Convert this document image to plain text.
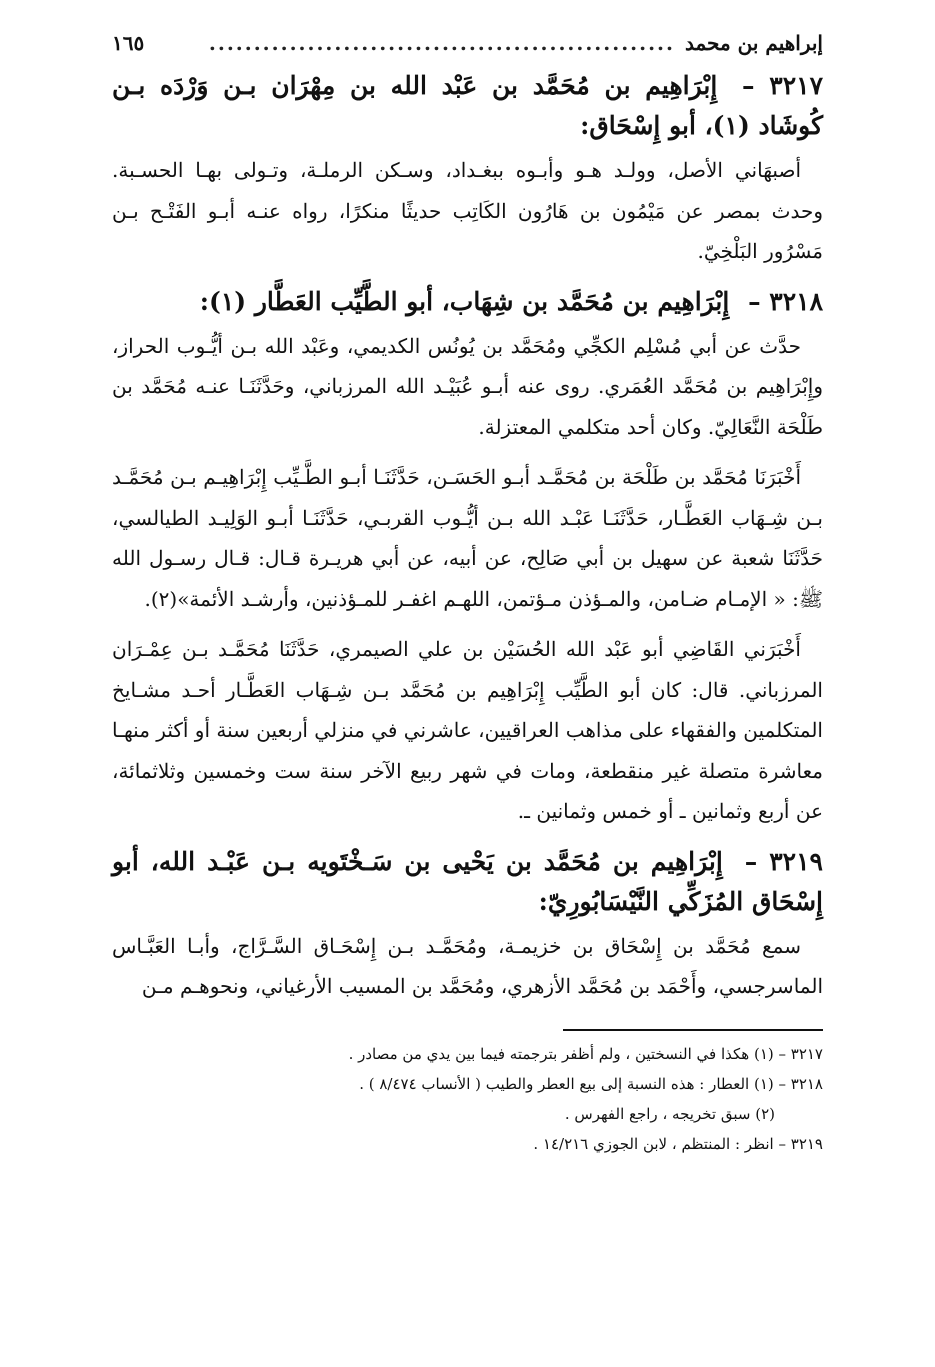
إبراهيم بن محمد
....................................................
١٦٥
٣٢١٧ – إِبْرَاهِيم بن مُحَمَّد بن عَبْد الله بن مِهْرَان بـن وَرْدَه بـن كُوشَاد (١)، أبو إِسْحَاق:

أصبهَاني الأصل، وولـد هـو وأبـوه ببغـداد، وسـكن الرملـة، وتـولى بهـا الحسـبة. وحدث بمصر عن مَيْمُون بن هَارُون الكَاتِب حديثًا منكرًا، رواه عنـه أبـو الفَتْـح بـن مَسْرُور البَلْخِيّ.

٣٢١٨ – إِبْرَاهِيم بن مُحَمَّد بن شِهَاب، أبو الطَّيِّب العَطَّار (١):

حدَّث عن أبي مُسْلِم الكجِّي ومُحَمَّد بن يُونُس الكديمي، وعَبْد الله بـن أيُّـوب الحراز، وإِبْرَاهِيم بن مُحَمَّد العُمَري. روى عنه أبـو عُبَيْـد الله المرزباني، وحَدَّثَنَـا عنـه مُحَمَّد بن طَلْحَة النَّعَالِيّ. وكان أحد متكلمي المعتزلة.

أَخْبَرَنَا مُحَمَّد بن طَلْحَة بن مُحَمَّـد أبـو الحَسَـن، حَدَّثَنَـا أبـو الطَّـيِّب إِبْرَاهِيـم بـن مُحَمَّـد بـن شِـهَاب العَطَّـار، حَدَّثَنَـا عَبْـد الله بـن أيُّـوب القربـي، حَدَّثَنَـا أبـو الوَلِيـد الطيالسي، حَدَّثَنَا شعبة عن سهيل بن أبي صَالِح، عن أبيه، عن أبي هريـرة قـال: قـال رسـول الله ﷺ: « الإمـام ضـامن، والمـؤذن مـؤتمن، اللهـم اغفـر للمـؤذنين، وأرشـد الأئمة»(٢).

أَخْبَرَني القَاضِي أبو عَبْد الله الحُسَيْن بن علي الصيمري، حَدَّثَنَا مُحَمَّـد بـن عِمْـرَان المرزباني. قال: كان أبو الطَّيِّب إِبْرَاهِيم بن مُحَمَّد بـن شِـهَاب العَطَّـار أحـد مشـايخ المتكلمين والفقهاء على مذاهب العراقيين، عاشرني في منزلي أربعين سنة أو أكثر منهـا معاشرة متصلة غير منقطعة، ومات في شهر ربيع الآخر سنة ست وخمسين وثلاثمائة، عن أربع وثمانين ـ أو خمس وثمانين ـ.

٣٢١٩ – إِبْرَاهِيم بن مُحَمَّد بن يَحْيى بن سَـخْتَويه بـن عَبْـد الله، أبو إِسْحَاق المُزَكِّي النَّيْسَابُورِيّ:

سمع مُحَمَّد بن إِسْحَاق بن خزيمـة، ومُحَمَّـد بـن إِسْحَـاق السَّـرَّاج، وأبـا العَبَّـاس الماسرجسي، وأَحْمَد بن مُحَمَّد الأزهري، ومُحَمَّد بن المسيب الأرغياني، ونحوهـم مـن

٣٢١٧ – (١) هكذا في النسختين ، ولم أظفر بترجمته فيما بين يدي من مصادر .

٣٢١٨ – (١) العطار : هذه النسبة إلى بيع العطر والطيب ( الأنساب ٨/٤٧٤ ) .

(٢) سبق تخريجه ، راجع الفهرس .

٣٢١٩ – انظر : المنتظم ، لابن الجوزي ١٤/٢١٦ .
